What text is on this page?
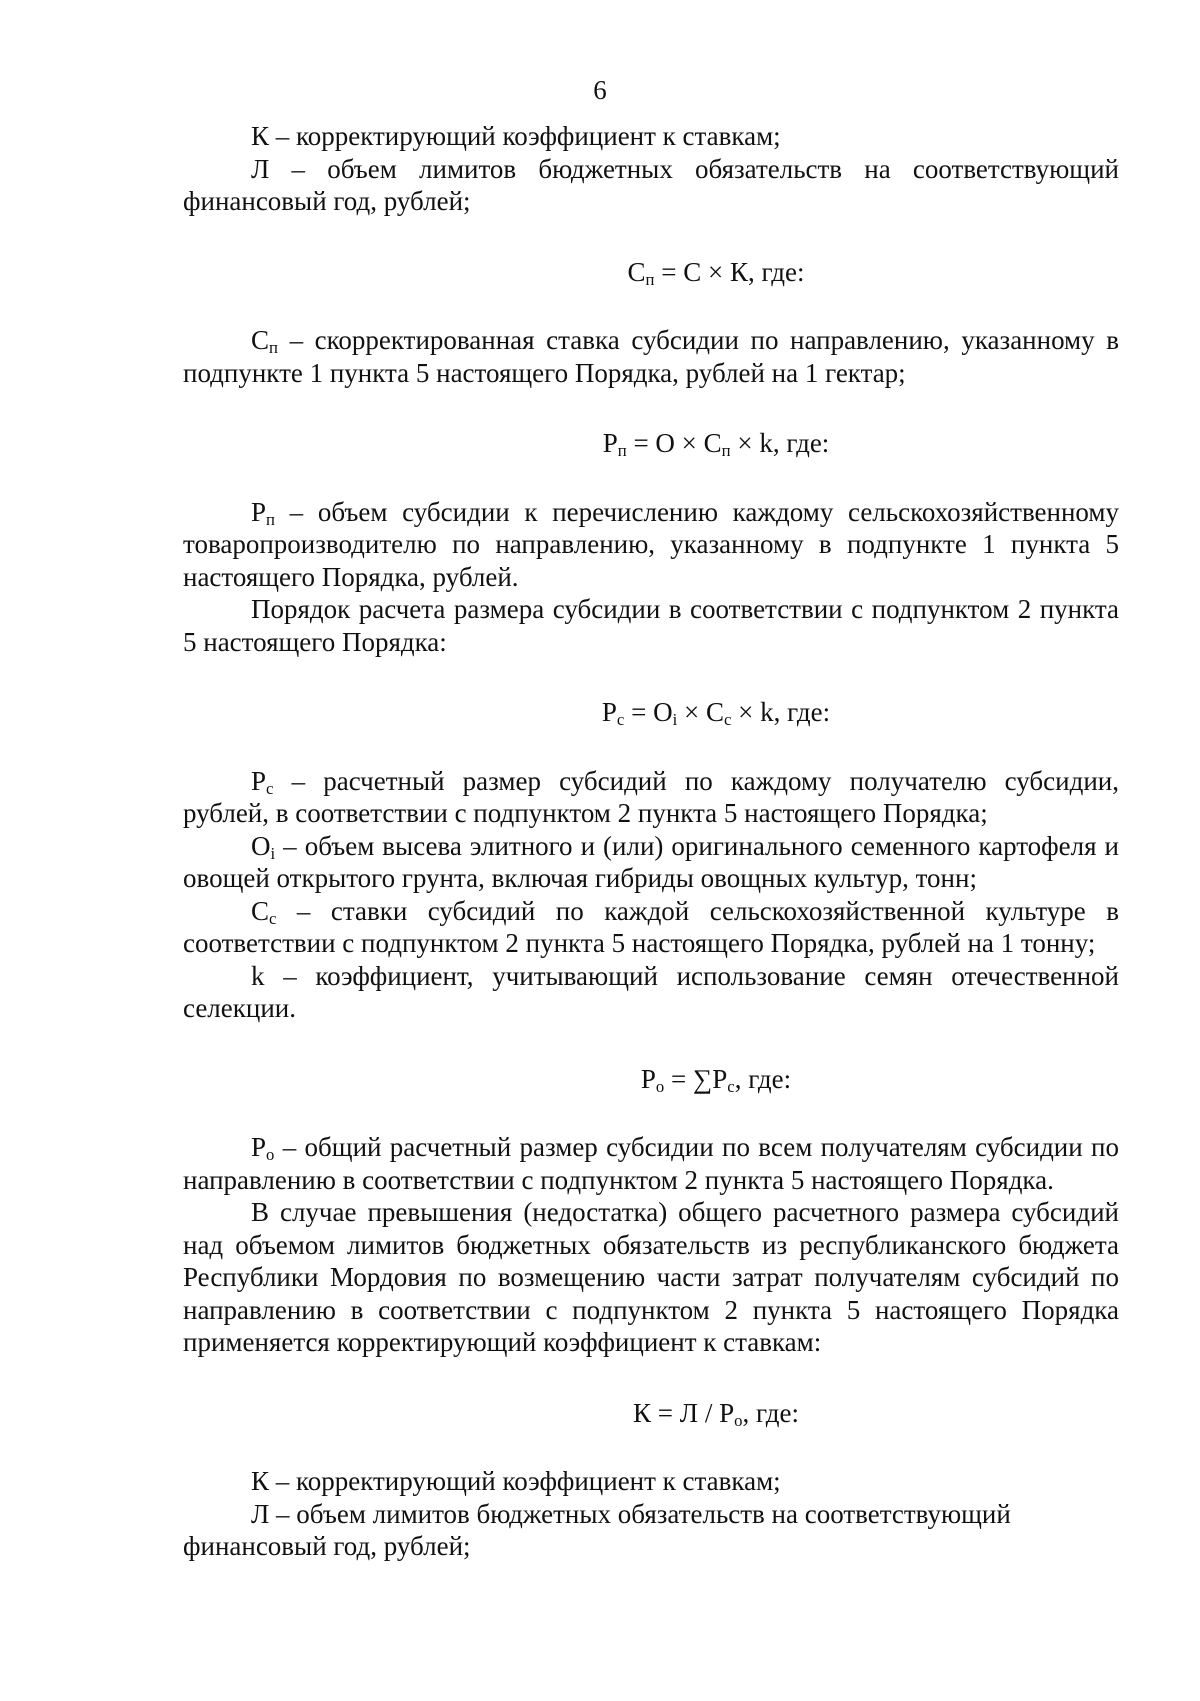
6

К – корректирующий коэффициент к ставкам;

Л – объем лимитов бюджетных обязательств на соответствующий финансовый год, рублей;

$С_п = С \times К$, где:

$С_п$ – скорректированная ставка субсидии по направлению, указанному в подпункте 1 пункта 5 настоящего Порядка, рублей на 1 гектар;

$Р_п = О \times С_п \times k$, где:

$Р_п$ – объем субсидии к перечислению каждому сельскохозяйственному товаропроизводителю по направлению, указанному в подпункте 1 пункта 5 настоящего Порядка, рублей.

Порядок расчета размера субсидии в соответствии с подпунктом 2 пункта 5 настоящего Порядка:

$Р_с = О_i \times С_с \times k$, где:

$Р_с$ – расчетный размер субсидий по каждому получателю субсидии, рублей, в соответствии с подпунктом 2 пункта 5 настоящего Порядка;

$О_i$ – объем высева элитного и (или) оригинального семенного картофеля и овощей открытого грунта, включая гибриды овощных культур, тонн;

$С_с$ – ставки субсидий по каждой сельскохозяйственной культуре в соответствии с подпунктом 2 пункта 5 настоящего Порядка, рублей на 1 тонну;

k – коэффициент, учитывающий использование семян отечественной селекции.

$Р_о = \sum Р_с$, где:

$Р_о$ – общий расчетный размер субсидии по всем получателям субсидии по направлению в соответствии с подпунктом 2 пункта 5 настоящего Порядка.

В случае превышения (недостатка) общего расчетного размера субсидий над объемом лимитов бюджетных обязательств из республиканского бюджета Республики Мордовия по возмещению части затрат получателям субсидий по направлению в соответствии с подпунктом 2 пункта 5 настоящего Порядка применяется корректирующий коэффициент к ставкам:

$К = Л / Р_о$, где:

К – корректирующий коэффициент к ставкам;

Л – объем лимитов бюджетных обязательств на соответствующий финансовый год, рублей;
